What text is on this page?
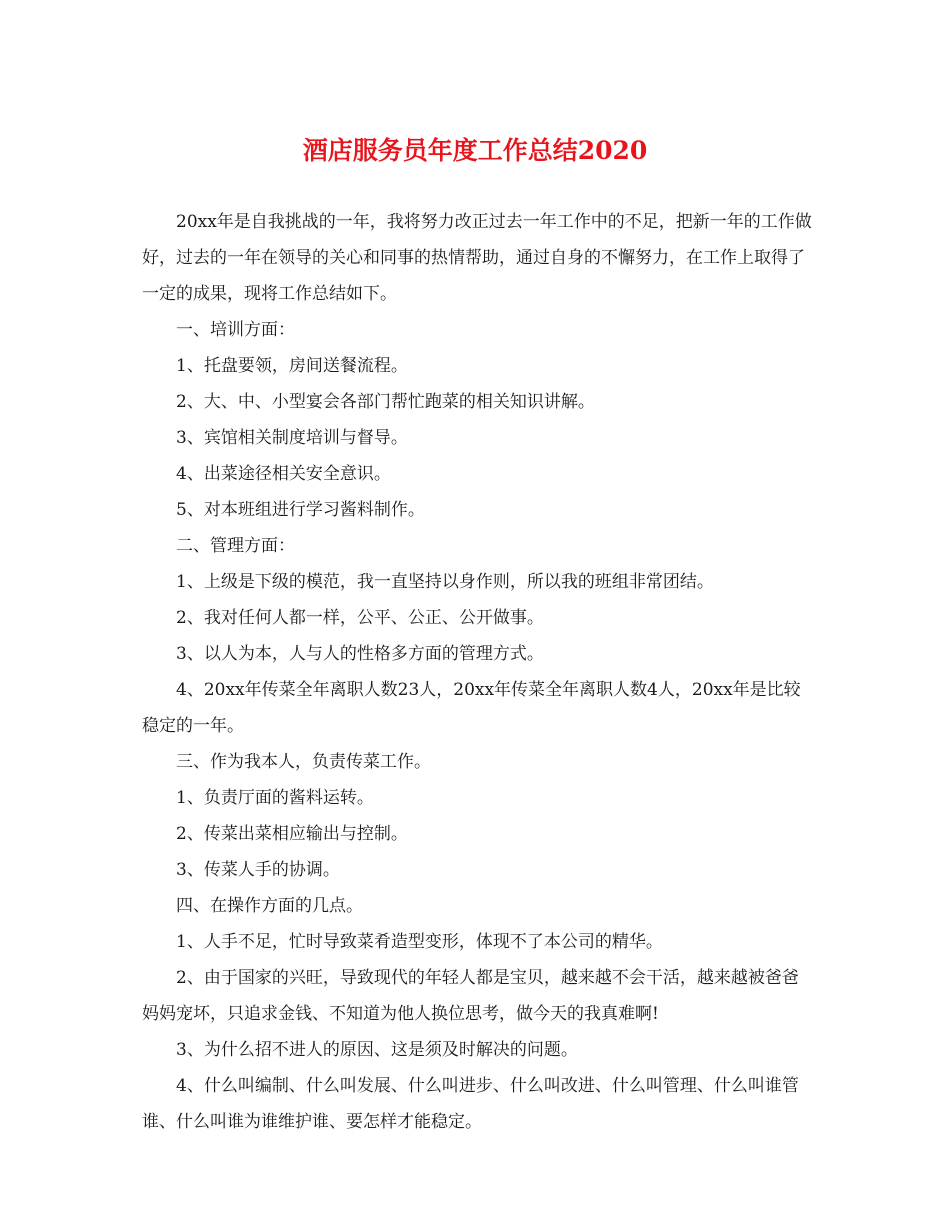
酒店服务员年度工作总结2020

20xx年是自我挑战的一年，我将努力改正过去一年工作中的不足，把新一年的工作做好，过去的一年在领导的关心和同事的热情帮助，通过自身的不懈努力，在工作上取得了一定的成果，现将工作总结如下。

一、培训方面：

1、托盘要领，房间送餐流程。

2、大、中、小型宴会各部门帮忙跑菜的相关知识讲解。

3、宾馆相关制度培训与督导。

4、出菜途径相关安全意识。

5、对本班组进行学习酱料制作。

二、管理方面：

1、上级是下级的模范，我一直坚持以身作则，所以我的班组非常团结。

2、我对任何人都一样，公平、公正、公开做事。

3、以人为本，人与人的性格多方面的管理方式。

4、20xx年传菜全年离职人数23人，20xx年传菜全年离职人数4人，20xx年是比较稳定的一年。

三、作为我本人，负责传菜工作。

1、负责厅面的酱料运转。

2、传菜出菜相应输出与控制。

3、传菜人手的协调。

四、在操作方面的几点。

1、人手不足，忙时导致菜肴造型变形，体现不了本公司的精华。

2、由于国家的兴旺，导致现代的年轻人都是宝贝，越来越不会干活，越来越被爸爸妈妈宠坏，只追求金钱、不知道为他人换位思考，做今天的我真难啊!

3、为什么招不进人的原因、这是须及时解决的问题。

4、什么叫编制、什么叫发展、什么叫进步、什么叫改进、什么叫管理、什么叫谁管谁、什么叫谁为谁维护谁、要怎样才能稳定。
